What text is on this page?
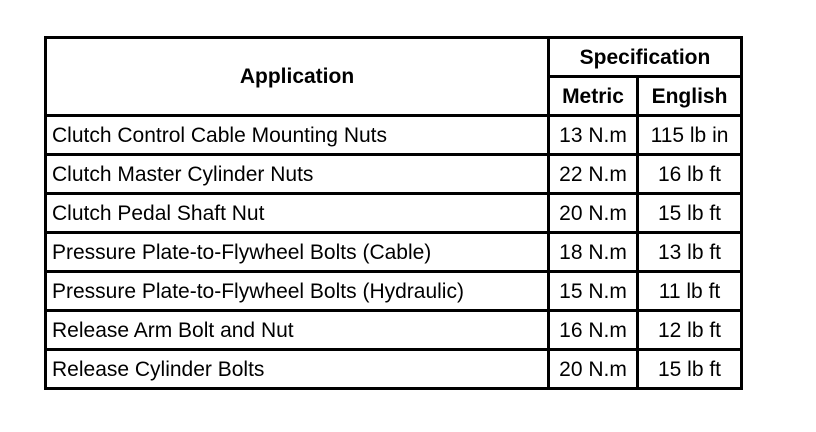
Application	Specification	
	Metric	English
Clutch Control Cable Mounting Nuts	13 N.m	115 lb in
Clutch Master Cylinder Nuts	22 N.m	16 lb ft
Clutch Pedal Shaft Nut	20 N.m	15 lb ft
Pressure Plate-to-Flywheel Bolts (Cable)	18 N.m	13 lb ft
Pressure Plate-to-Flywheel Bolts (Hydraulic)	15 N.m	11 lb ft
Release Arm Bolt and Nut	16 N.m	12 lb ft
Release Cylinder Bolts	20 N.m	15 lb ft
